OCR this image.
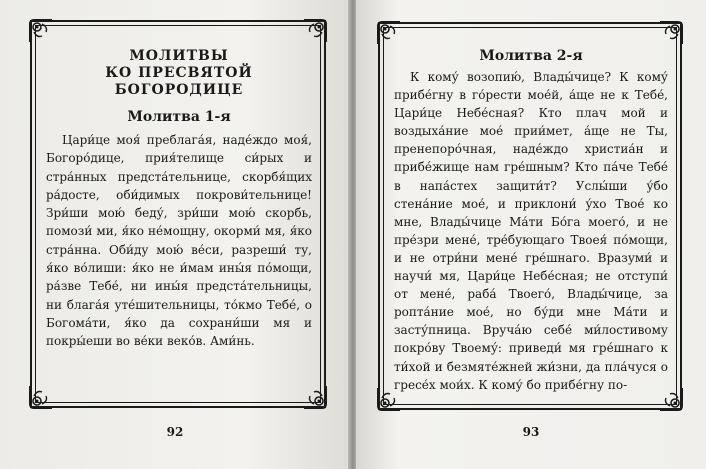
МОЛИТВЫ
КО ПРЕСВЯТОЙ
БОГОРОДИЦЕ
Молитва 1-я

Цари́це моя́ преблага́я, наде́ждо моя́, Богоро́дице, прия́телище си́рых и стра́нных предста́тельнице, скорбя́щих ра́досте, оби́димых покрови́тельнице! Зри́ши мою́ беду́, зри́ши мою́ скорбь, помози́ ми, я́ко не́мощну, окорми́ мя, я́ко стра́нна. Оби́ду мою́ ве́си, разреши́ ту, я́ко во́лиши: я́ко не и́мам ины́я по́мощи, ра́зве Тебе́, ни ины́я предста́тельницы, ни блага́я уте́шительницы, то́кмо Тебе́, о Богома́ти, я́ко да сохрани́ши мя и покры́еши во ве́ки веко́в. Ами́нь.

92
Молитва 2-я

К кому́ возопию́, Влады́чице? К кому́ прибе́гну в го́рести мое́й, а́ще не к Тебе́, Цари́це Небе́сная? Кто плач мой и воздыха́ние мое́ прии́мет, а́ще не Ты, пренепоро́чная, наде́ждо христиа́н и прибе́жище нам гре́шным? Кто па́че Тебе́ в напа́стех защити́т? Услы́ши у́бо стена́ние мое́, и приклони́ у́хо Твое́ ко мне, Влады́чице Ма́ти Бо́га моего́, и не пре́зри мене́, тре́бующаго Твоея́ по́мощи, и не отри́ни мене́ гре́шнаго. Вразуми́ и научи́ мя, Цари́це Небе́сная; не отступи́ от мене́, раба́ Твоего́, Влады́чице, за ропта́ние мое́, но бу́ди мне Ма́ти и засту́пница. Вруча́ю себе́ ми́лостивому покро́ву Твоему́: приведи́ мя гре́шнаго к ти́хой и безмяте́жней жи́зни, да пла́чуся о гресе́х мои́х. К кому́ бо прибе́гну по-

93
